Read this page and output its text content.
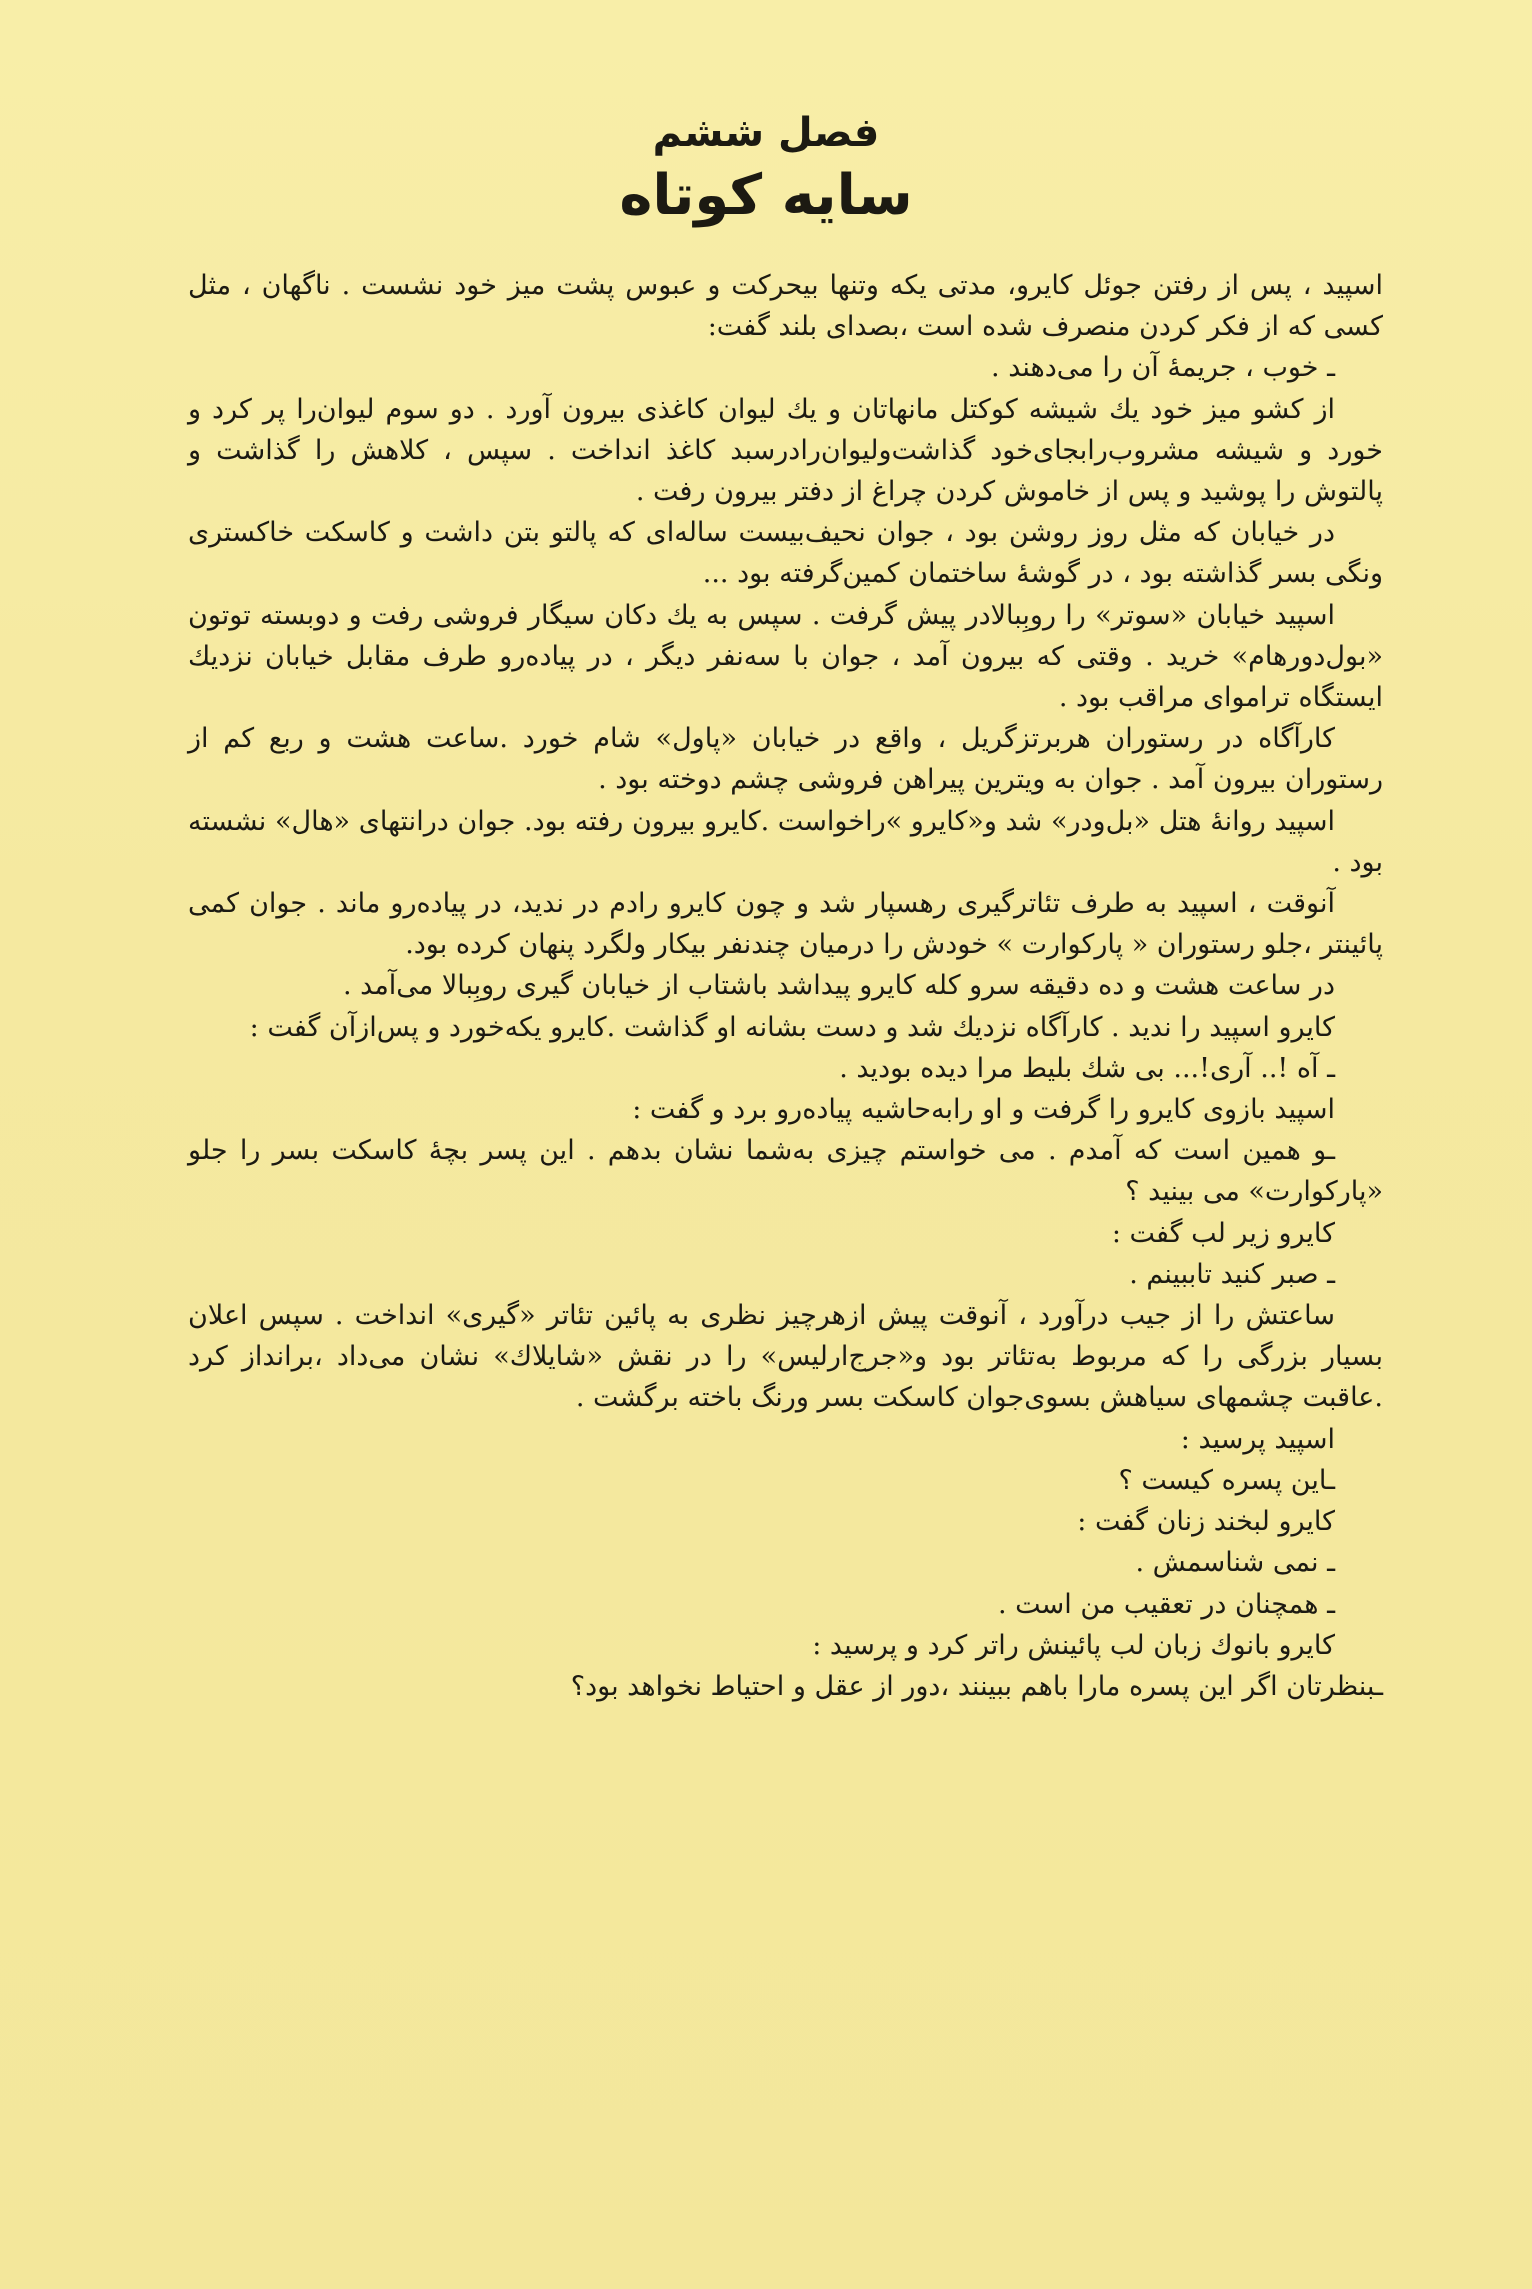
فصل ششم
سایه کوتاه

اسپید ، پس از رفتن جوئل کایرو، مدتی یکه وتنها بیحرکت و عبوس پشت میز خود نشست . ناگهان ، مثل کسی که از فکر کردن منصرف شده است ،بصدای بلند گفت:

ـ خوب ، جریمهٔ آن را می‌دهند .

از کشو میز خود یك شیشه کوکتل مانهاتان و یك لیوان کاغذی بیرون آورد . دو سوم لیوان‌را پر کرد و خورد و شیشه مشروب‌رابجای‌خود گذاشت‌ولیوان‌رادرسبد کاغذ انداخت . سپس ، کلاهش را گذاشت و پالتوش را پوشید و پس از خاموش کردن چراغ از دفتر بیرون رفت .

در خیابان که مثل روز روشن بود ، جوان نحیف‌بیست ساله‌ای که پالتو بتن داشت و کاسکت خاکستری ونگی بسر گذاشته بود ، در گوشهٔ ساختمان کمین‌گرفته بود ...

اسپید خیابان «سوتر» را روبِبالادر پیش گرفت . سپس به یك دکان سیگار فروشی رفت و دوبسته توتون «بول‌دورهام» خرید . وقتی که بیرون آمد ، جوان با سه‌نفر دیگر ، در پیاده‌رو طرف مقابل خیابان نزدیك ایستگاه تراموای مراقب بود .

کارآگاه در رستوران هربرتزگریل ، واقع در خیابان «پاول» شام خورد .ساعت هشت و ربع کم از رستوران بیرون آمد . جوان به ویترین پیراهن فروشی چشم دوخته بود .

اسپید روانهٔ هتل «بل‌ودر» شد و«کایرو »راخواست .کایرو بیرون رفته بود. جوان درانتهای «هال» نشسته بود .

آنوقت ، اسپید به طرف تئاترگیری رهسپار شد و چون کایرو رادم در ندید، در پیاده‌رو ماند . جوان کمی پائینتر ،جلو رستوران « پارکوارت » خودش را درمیان چندنفر بیکار ولگرد پنهان کرده بود.

در ساعت هشت و ده دقیقه سرو کله کایرو پیداشد باشتاب از خیابان گیری روبِبالا می‌آمد .

کایرو اسپید را ندید . کارآگاه نزدیك شد و دست بشانه او گذاشت .کایرو یکه‌خورد و پس‌ازآن گفت :

ـ آه !.. آری!... بی شك بلیط مرا دیده بودید .

اسپید بازوی کایرو را گرفت و او رابه‌حاشیه پیاده‌رو برد و گفت :

ـو همین است که آمدم . می خواستم چیزی به‌شما نشان بدهم . این پسر بچهٔ کاسکت بسر را جلو «پارکوارت» می بینید ؟

کایرو زیر لب گفت :

ـ صبر کنید تاببینم .

ساعتش را از جیب درآورد ، آنوقت پیش ازهرچیز نظری به پائین تئاتر «گیری» انداخت . سپس اعلان بسیار بزرگی را که مربوط به‌تئاتر بود و«جرج‌ارلیس» را در نقش «شایلاك» نشان می‌داد ،برانداز کرد .عاقبت چشمهای سیاهش بسوی‌جوان کاسکت بسر ورنگ باخته برگشت .

اسپید پرسید :

ـاین پسره کیست ؟

کایرو لبخند زنان گفت :

ـ نمی شناسمش .

ـ همچنان در تعقیب من است .

کایرو بانوك زبان لب پائینش راتر کرد و پرسید :

ـبنظرتان اگر این پسره مارا باهم ببینند ،دور از عقل و احتیاط نخواهد بود؟
